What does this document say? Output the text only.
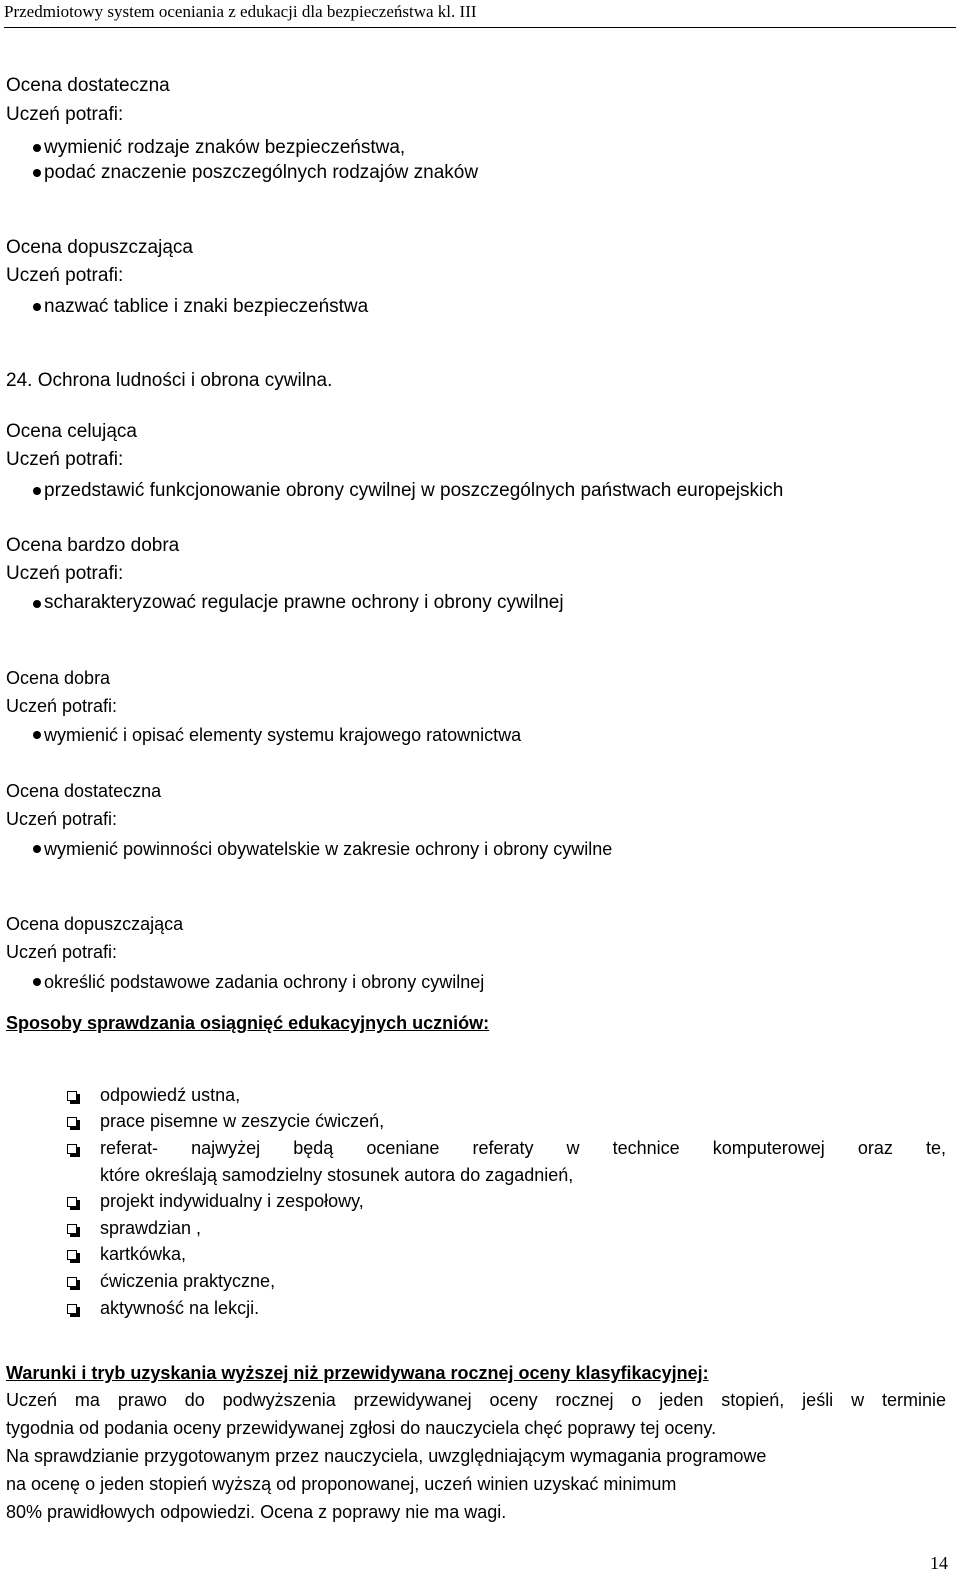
Przedmiotowy system oceniania z edukacji dla bezpieczeństwa kl. III
Ocena dostateczna
Uczeń potrafi:
wymienić rodzaje znaków bezpieczeństwa,
podać znaczenie poszczególnych rodzajów znaków
Ocena dopuszczająca
Uczeń potrafi:
nazwać tablice i znaki bezpieczeństwa
24. Ochrona ludności i obrona cywilna.
Ocena celująca
Uczeń potrafi:
przedstawić funkcjonowanie obrony cywilnej w poszczególnych państwach europejskich
Ocena bardzo dobra
Uczeń potrafi:
scharakteryzować regulacje prawne ochrony i obrony cywilnej
Ocena dobra
Uczeń potrafi:
wymienić i opisać elementy systemu krajowego ratownictwa
Ocena dostateczna
Uczeń potrafi:
wymienić powinności obywatelskie w zakresie ochrony i obrony cywilne
Ocena dopuszczająca
Uczeń potrafi:
określić podstawowe zadania ochrony i obrony cywilnej
Sposoby sprawdzania osiągnięć edukacyjnych uczniów:
odpowiedź ustna,
prace pisemne w zeszycie ćwiczeń,
referat- najwyżej będą oceniane referaty w technice komputerowej oraz te,
które określają samodzielny stosunek autora do zagadnień,
projekt indywidualny i zespołowy,
sprawdzian ,
kartkówka,
ćwiczenia praktyczne,
aktywność na lekcji.
Warunki i tryb uzyskania wyższej niż przewidywana rocznej oceny klasyfikacyjnej:
Uczeń ma prawo do podwyższenia przewidywanej oceny rocznej o jeden stopień, jeśli w terminie
tygodnia od podania oceny przewidywanej zgłosi do nauczyciela chęć poprawy tej oceny.
Na sprawdzianie przygotowanym przez nauczyciela, uwzględniającym wymagania programowe
na ocenę o jeden stopień wyższą od proponowanej, uczeń winien uzyskać minimum
80% prawidłowych odpowiedzi. Ocena z poprawy nie ma wagi.
14
